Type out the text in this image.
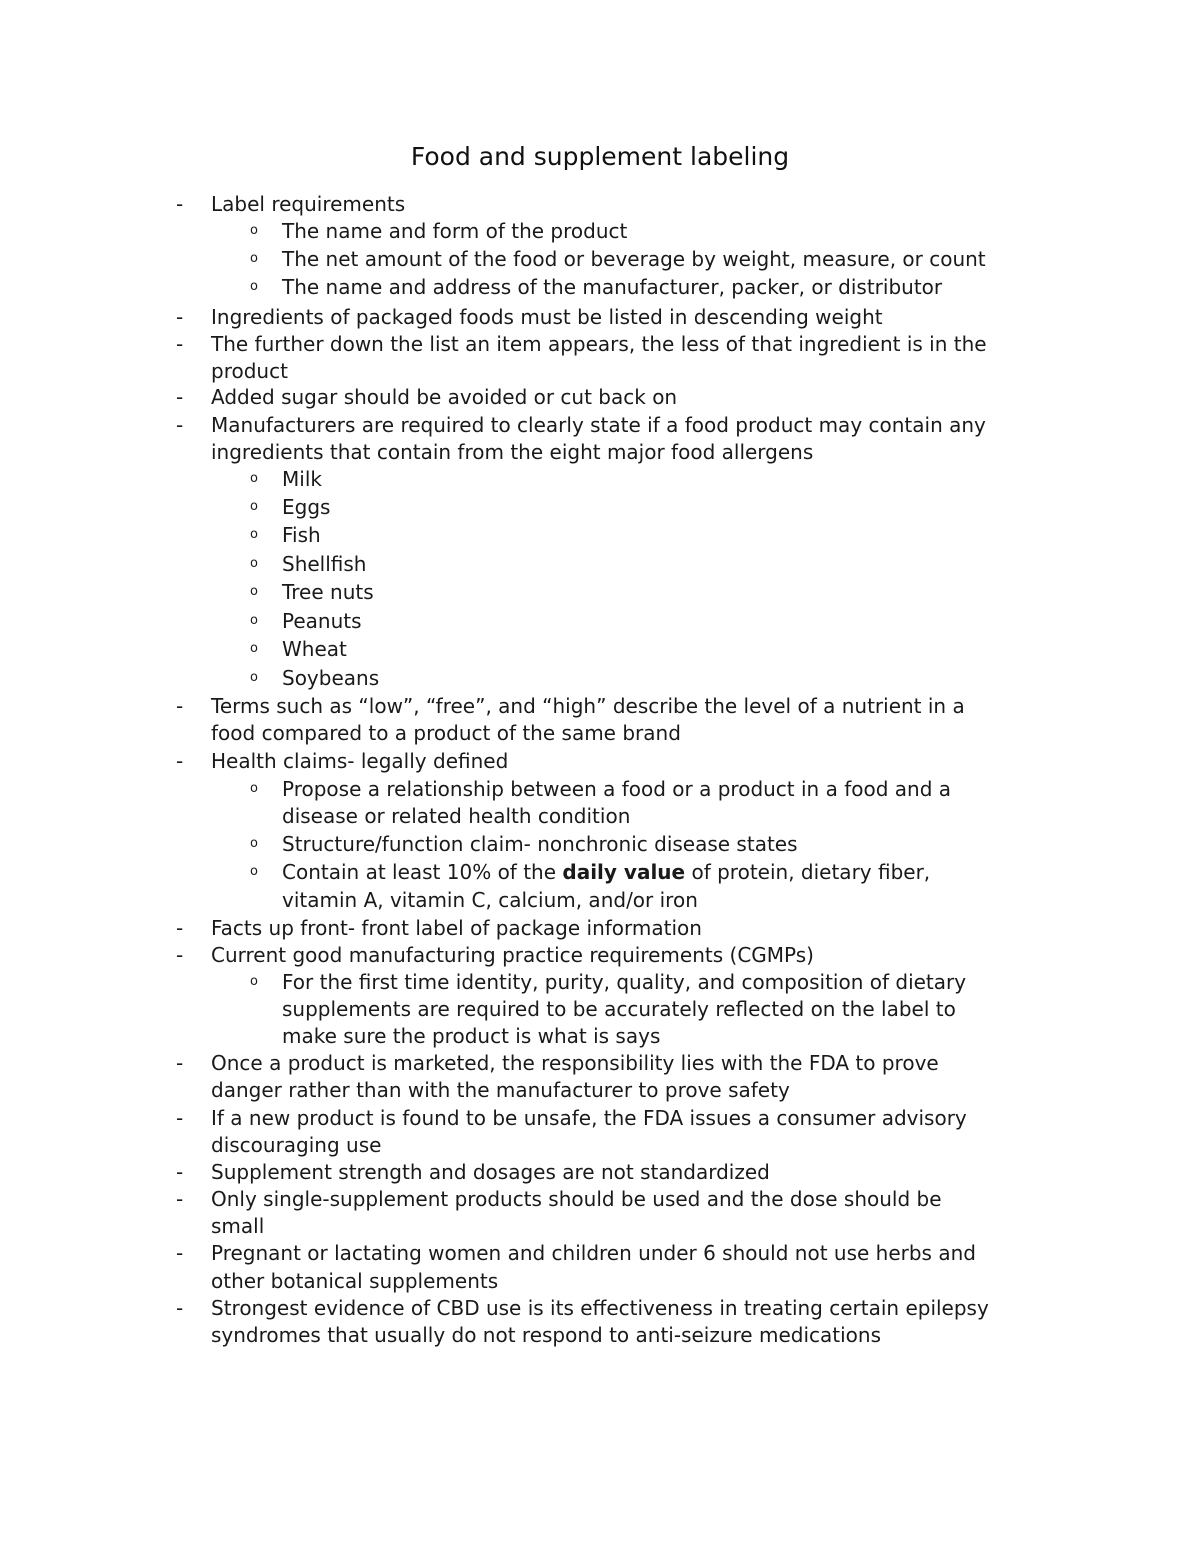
Food and supplement labeling
- Label requirements
o The name and form of the product
o The net amount of the food or beverage by weight, measure, or count
o The name and address of the manufacturer, packer, or distributor
- Ingredients of packaged foods must be listed in descending weight
- The further down the list an item appears, the less of that ingredient is in the
product
- Added sugar should be avoided or cut back on
- Manufacturers are required to clearly state if a food product may contain any
ingredients that contain from the eight major food allergens
o Milk
o Eggs
o Fish
o Shellfish
o Tree nuts
o Peanuts
o Wheat
o Soybeans
- Terms such as “low”, “free”, and “high” describe the level of a nutrient in a
food compared to a product of the same brand
- Health claims- legally defined
o Propose a relationship between a food or a product in a food and a
disease or related health condition
o Structure/function claim- nonchronic disease states
o Contain at least 10% of the daily value of protein, dietary fiber,
vitamin A, vitamin C, calcium, and/or iron
- Facts up front- front label of package information
- Current good manufacturing practice requirements (CGMPs)
o For the first time identity, purity, quality, and composition of dietary
supplements are required to be accurately reflected on the label to
make sure the product is what is says
- Once a product is marketed, the responsibility lies with the FDA to prove
danger rather than with the manufacturer to prove safety
- If a new product is found to be unsafe, the FDA issues a consumer advisory
discouraging use
- Supplement strength and dosages are not standardized
- Only single-supplement products should be used and the dose should be
small
- Pregnant or lactating women and children under 6 should not use herbs and
other botanical supplements
- Strongest evidence of CBD use is its effectiveness in treating certain epilepsy
syndromes that usually do not respond to anti-seizure medications
